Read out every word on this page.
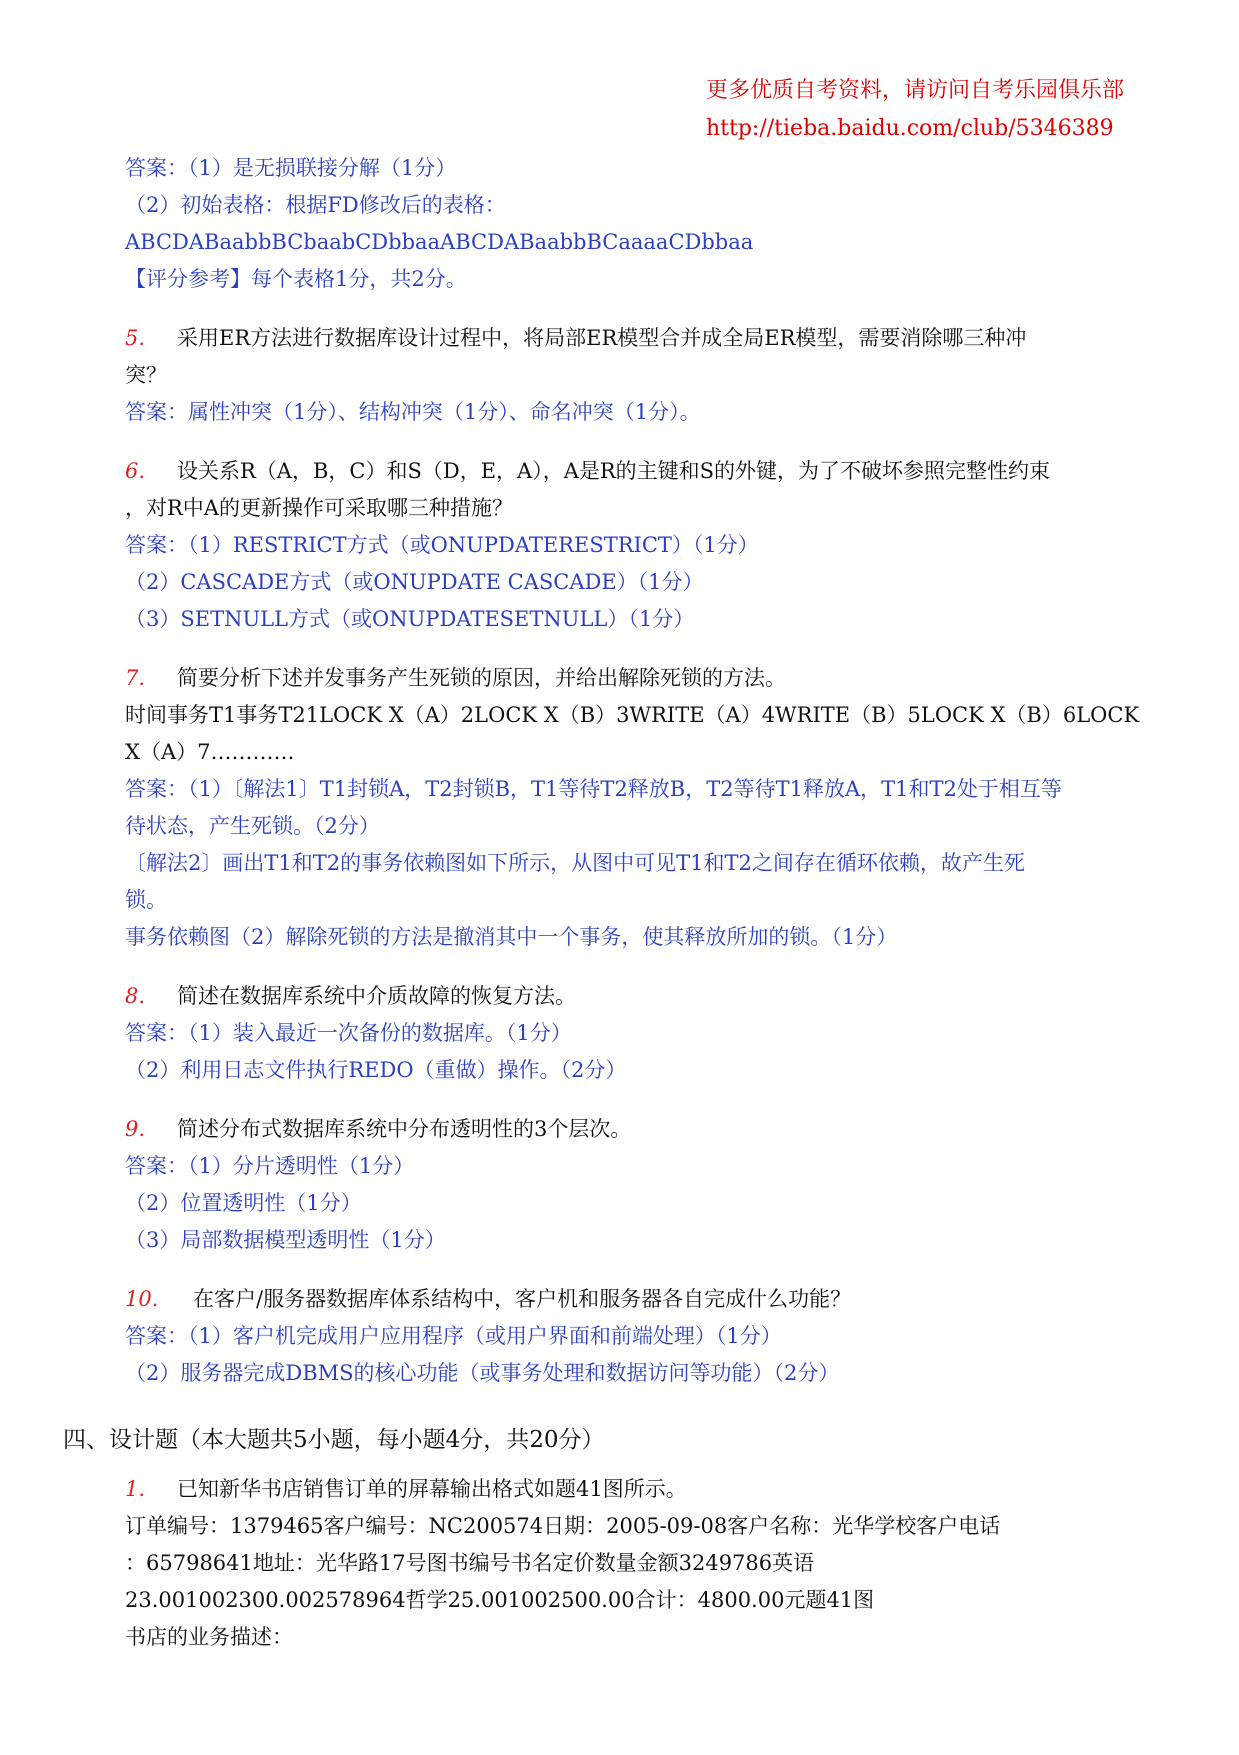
更多优质自考资料，请访问自考乐园俱乐部
http://tieba.baidu.com/club/5346389
答案：（1）是无损联接分解（1分）
（2）初始表格：根据FD修改后的表格：
ABCDABaabbBCbaabCDbbaaABCDABaabbBCaaaaCDbbaa
【评分参考】每个表格1分，共2分。
5. 采用ER方法进行数据库设计过程中，将局部ER模型合并成全局ER模型，需要消除哪三种冲
突？
答案：属性冲突（1分）、结构冲突（1分）、命名冲突（1分）。
6. 设关系R（A，B，C）和S（D，E，A），A是R的主键和S的外键，为了不破坏参照完整性约束
，对R中A的更新操作可采取哪三种措施？
答案：（1）RESTRICT方式（或ONUPDATERESTRICT）（1分）
（2）CASCADE方式（或ONUPDATE CASCADE）（1分）
（3）SETNULL方式（或ONUPDATESETNULL）（1分）
7. 简要分析下述并发事务产生死锁的原因，并给出解除死锁的方法。
时间事务T1事务T21LOCK X（A）2LOCK X（B）3WRITE（A）4WRITE（B）5LOCK X（B）6LOCK
X（A）7…………
答案：（1）〔解法1〕T1封锁A，T2封锁B，T1等待T2释放B，T2等待T1释放A，T1和T2处于相互等
待状态，产生死锁。（2分）
〔解法2〕画出T1和T2的事务依赖图如下所示，从图中可见T1和T2之间存在循环依赖，故产生死
锁。
事务依赖图（2）解除死锁的方法是撤消其中一个事务，使其释放所加的锁。（1分）
8. 简述在数据库系统中介质故障的恢复方法。
答案：（1）装入最近一次备份的数据库。（1分）
（2）利用日志文件执行REDO（重做）操作。（2分）
9. 简述分布式数据库系统中分布透明性的3个层次。
答案：（1）分片透明性（1分）
（2）位置透明性（1分）
（3）局部数据模型透明性（1分）
10. 在客户/服务器数据库体系结构中，客户机和服务器各自完成什么功能？
答案：（1）客户机完成用户应用程序（或用户界面和前端处理）（1分）
（2）服务器完成DBMS的核心功能（或事务处理和数据访问等功能）（2分）
四、设计题（本大题共5小题，每小题4分，共20分）
1. 已知新华书店销售订单的屏幕输出格式如题41图所示。
订单编号：1379465客户编号：NC200574日期：2005-09-08客户名称：光华学校客户电话
：65798641地址：光华路17号图书编号书名定价数量金额3249786英语
23.001002300.002578964哲学25.001002500.00合计：4800.00元题41图
书店的业务描述：
